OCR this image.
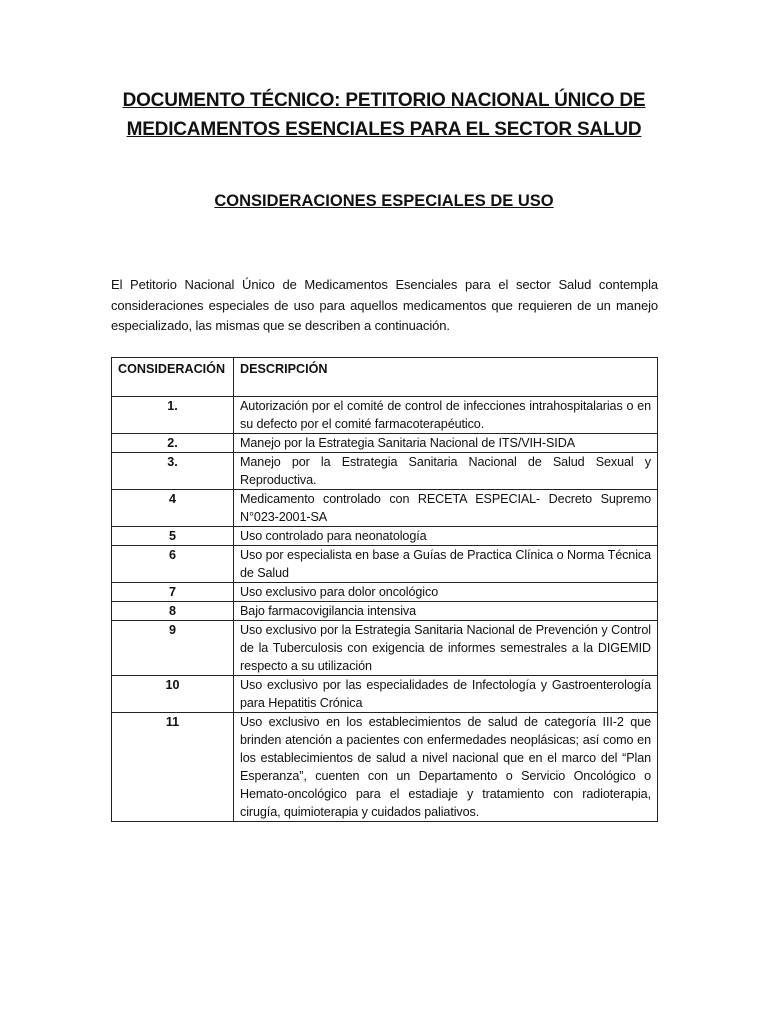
DOCUMENTO TÉCNICO: PETITORIO NACIONAL ÚNICO DE
MEDICAMENTOS ESENCIALES PARA EL SECTOR SALUD
CONSIDERACIONES ESPECIALES DE USO

El Petitorio Nacional Único de Medicamentos Esenciales para el sector Salud contempla consideraciones especiales de uso para aquellos medicamentos que requieren de un manejo especializado, las mismas que se describen a continuación.

CONSIDERACIÓN	DESCRIPCIÓN
1.	Autorización por el comité de control de infecciones intrahospitalarias o en su defecto por el comité farmacoterapéutico.
2.	Manejo por la Estrategia Sanitaria Nacional de ITS/VIH-SIDA
3.	Manejo por la Estrategia Sanitaria Nacional de Salud Sexual y Reproductiva.
4	Medicamento controlado con RECETA ESPECIAL- Decreto Supremo N°023-2001-SA
5	Uso controlado para neonatología
6	Uso por especialista en base a Guías de Practica Clínica o Norma Técnica de Salud
7	Uso exclusivo para dolor oncológico
8	Bajo farmacovigilancia intensiva
9	Uso exclusivo por la Estrategia Sanitaria Nacional de Prevención y Control de la Tuberculosis con exigencia de informes semestrales a la DIGEMID respecto a su utilización
10	Uso exclusivo por las especialidades de Infectología y Gastroenterología para Hepatitis Crónica
11	Uso exclusivo en los establecimientos de salud de categoría III-2 que brinden atención a pacientes con enfermedades neoplásicas; así como en los establecimientos de salud a nivel nacional que en el marco del “Plan Esperanza”, cuenten con un Departamento o Servicio Oncológico o Hemato-oncológico para el estadiaje y tratamiento con radioterapia, cirugía, quimioterapia y cuidados paliativos.
